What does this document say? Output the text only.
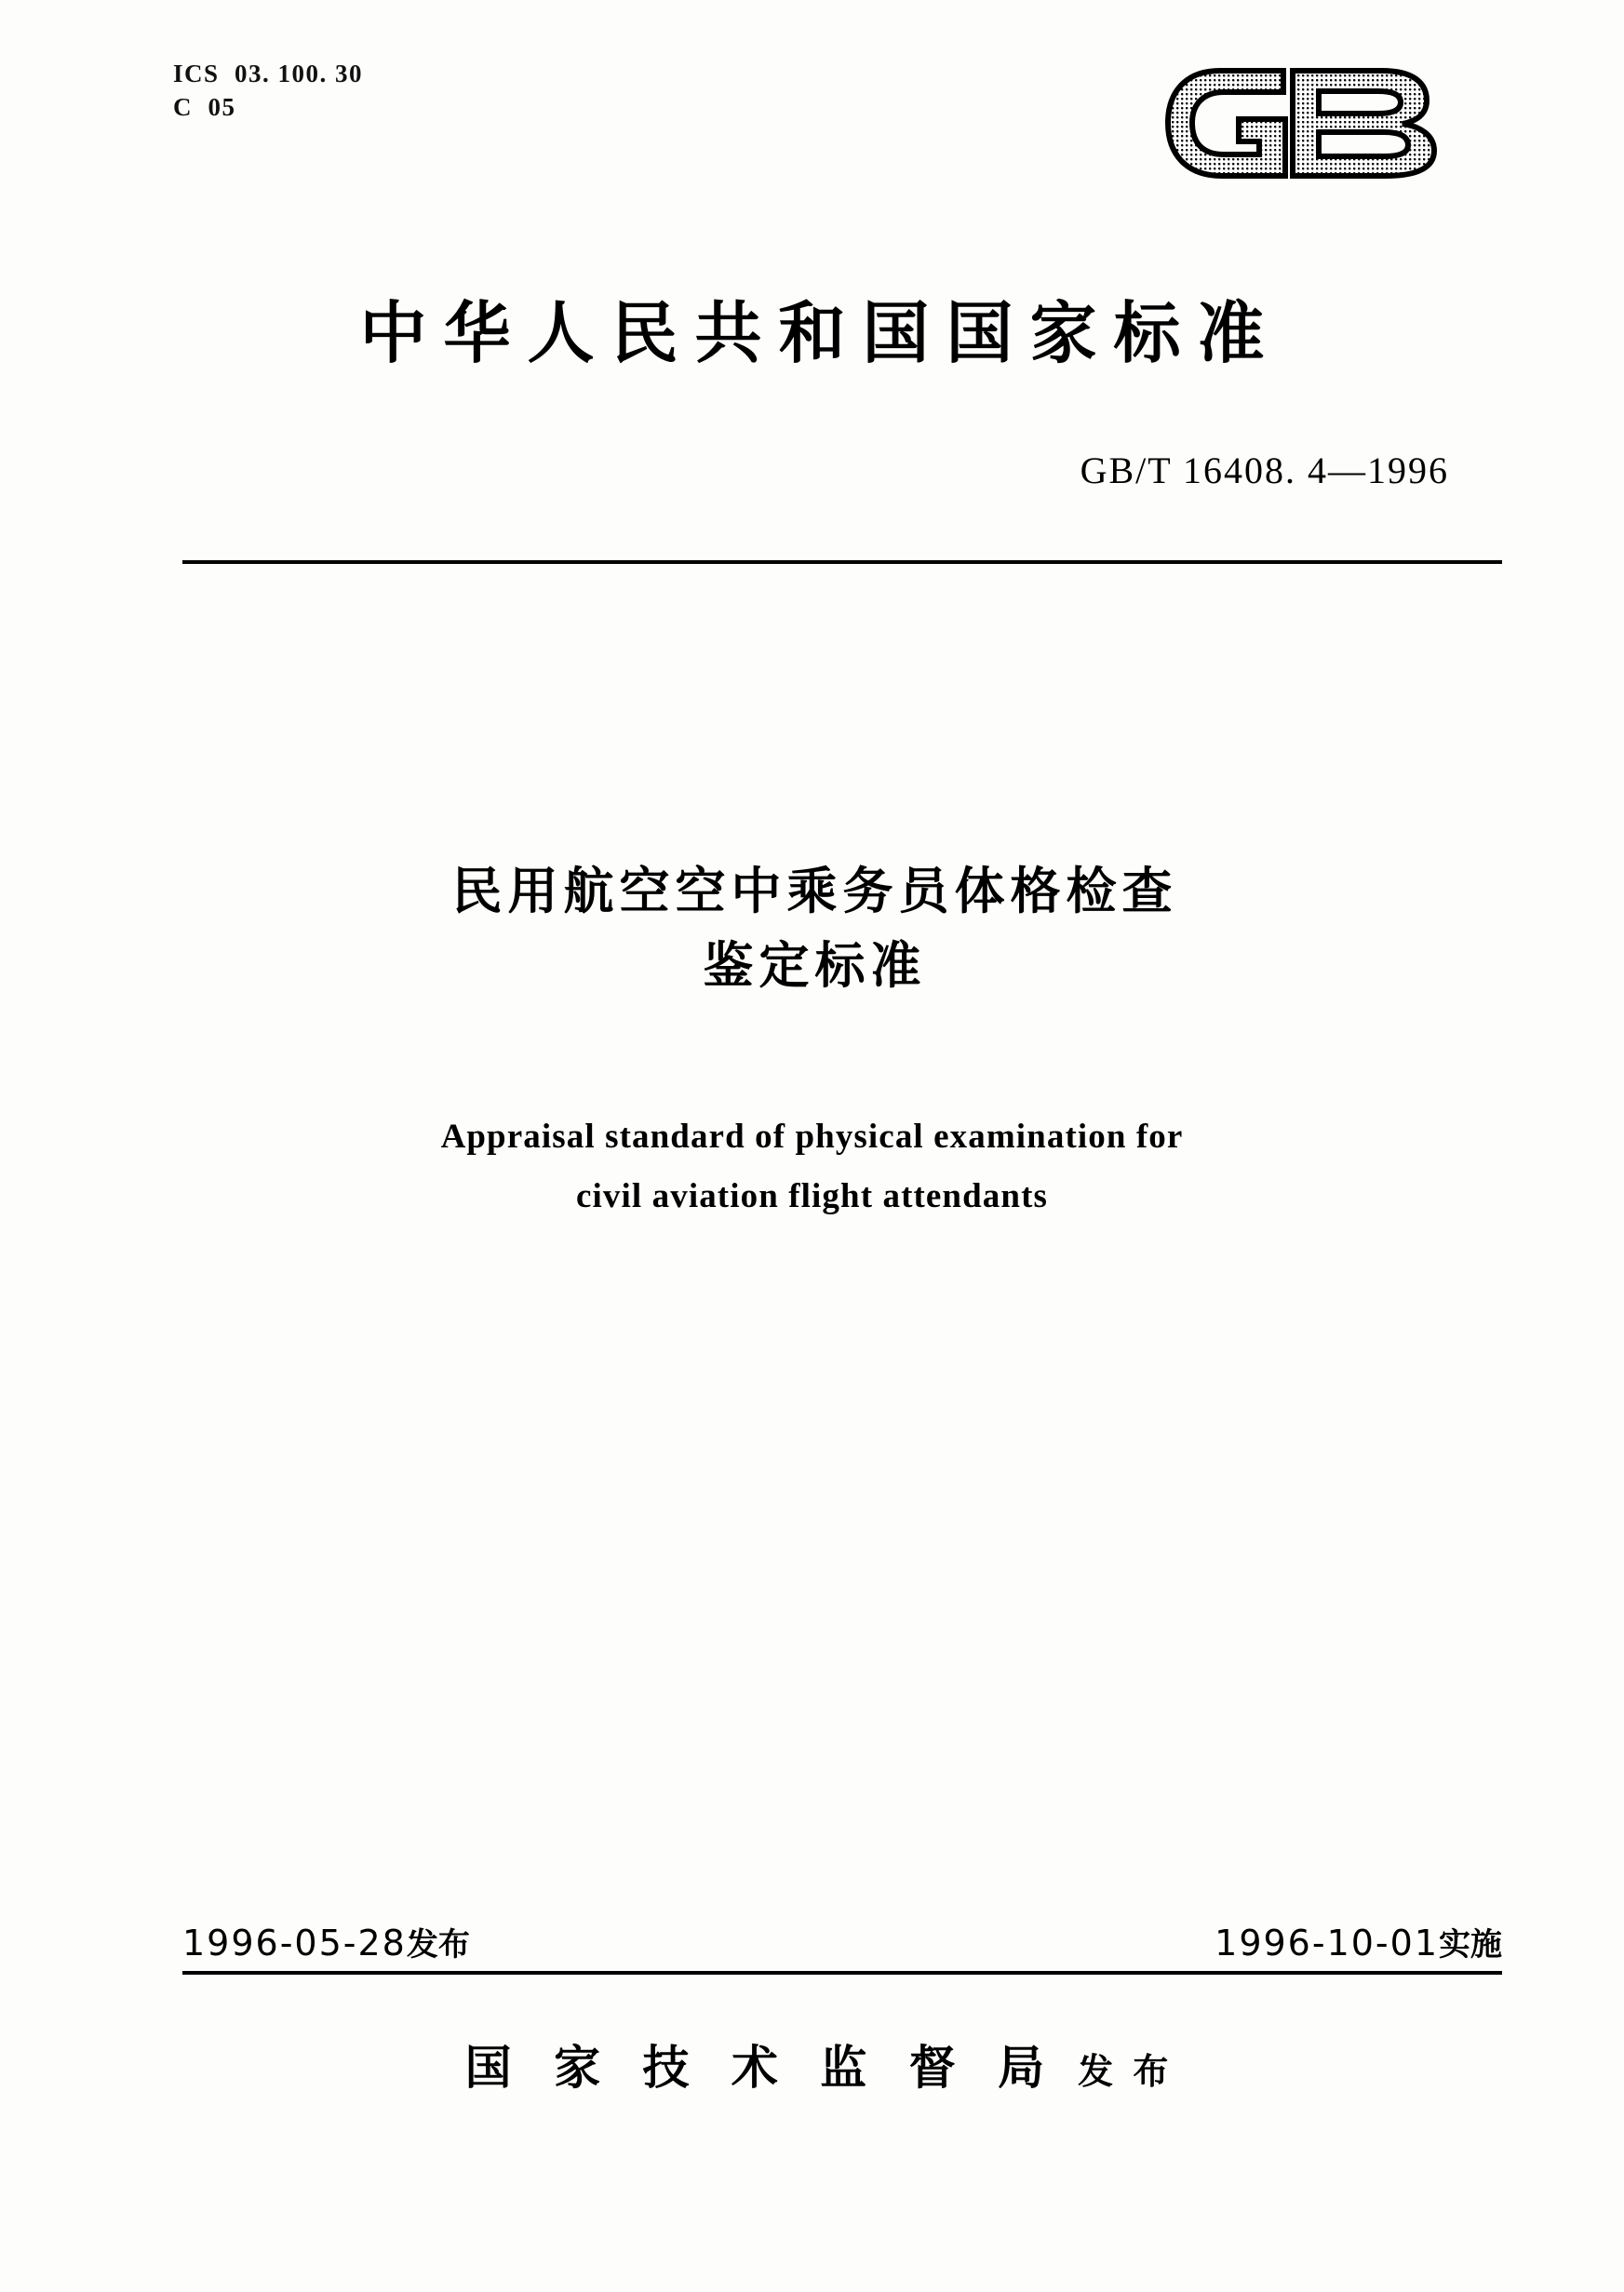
ICS  03. 100. 30
C  05
中华人民共和国国家标准
GB/T 16408. 4—1996
民用航空空中乘务员体格检查
鉴定标准
Appraisal standard of physical examination for
civil aviation flight attendants
1996-05-28发布	1996-10-01实施
国 家 技 术 监 督 局 发 布
